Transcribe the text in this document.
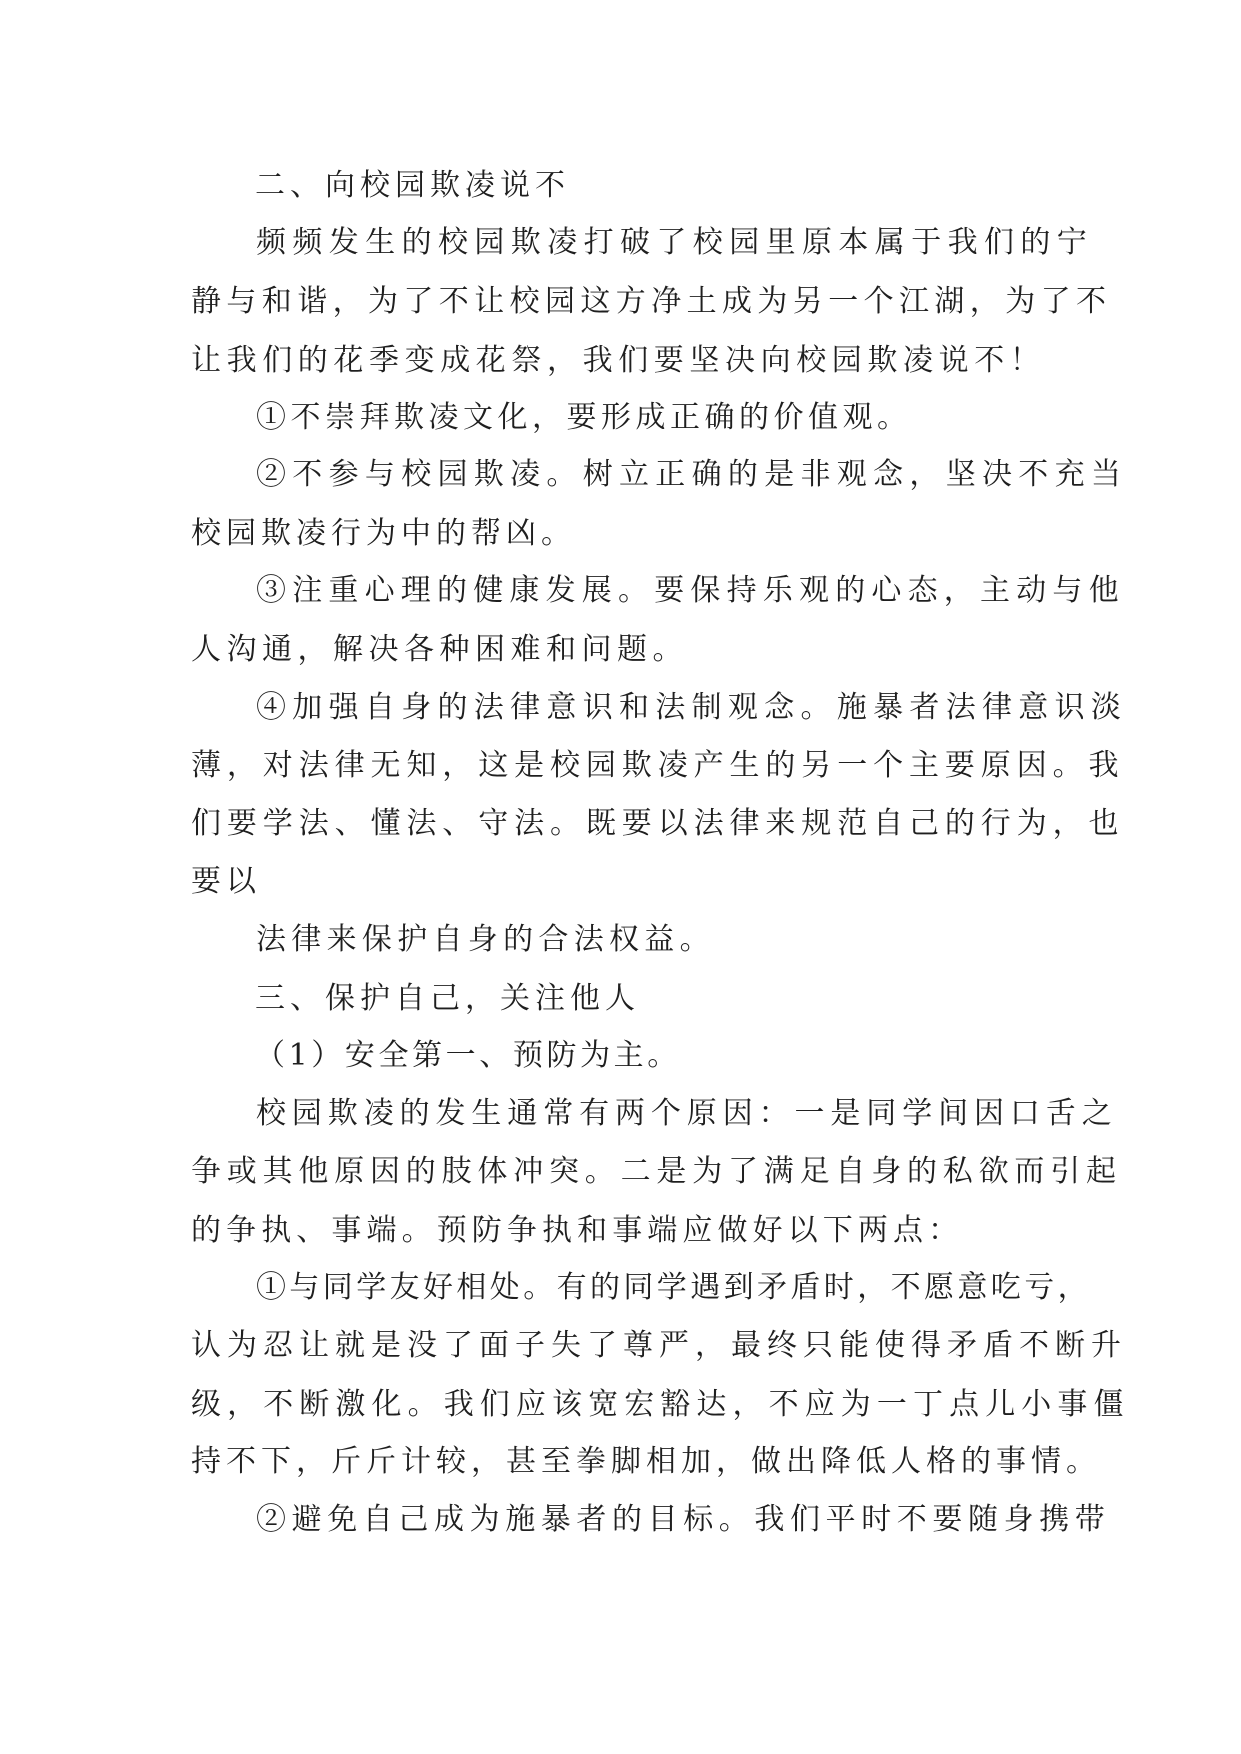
二、向校园欺凌说不

频频发生的校园欺凌打破了校园里原本属于我们的宁

静与和谐，为了不让校园这方净土成为另一个江湖，为了不

让我们的花季变成花祭，我们要坚决向校园欺凌说不！

①不崇拜欺凌文化，要形成正确的价值观。

②不参与校园欺凌。树立正确的是非观念，坚决不充当

校园欺凌行为中的帮凶。

③注重心理的健康发展。要保持乐观的心态，主动与他

人沟通，解决各种困难和问题。

④加强自身的法律意识和法制观念。施暴者法律意识淡

薄，对法律无知，这是校园欺凌产生的另一个主要原因。我

们要学法、懂法、守法。既要以法律来规范自己的行为，也

要以

法律来保护自身的合法权益。

三、保护自己，关注他人

（1）安全第一、预防为主。

校园欺凌的发生通常有两个原因：一是同学间因口舌之

争或其他原因的肢体冲突。二是为了满足自身的私欲而引起

的争执、事端。预防争执和事端应做好以下两点：

①与同学友好相处。有的同学遇到矛盾时，不愿意吃亏，

认为忍让就是没了面子失了尊严，最终只能使得矛盾不断升

级，不断激化。我们应该宽宏豁达，不应为一丁点儿小事僵

持不下，斤斤计较，甚至拳脚相加，做出降低人格的事情。

②避免自己成为施暴者的目标。我们平时不要随身携带
